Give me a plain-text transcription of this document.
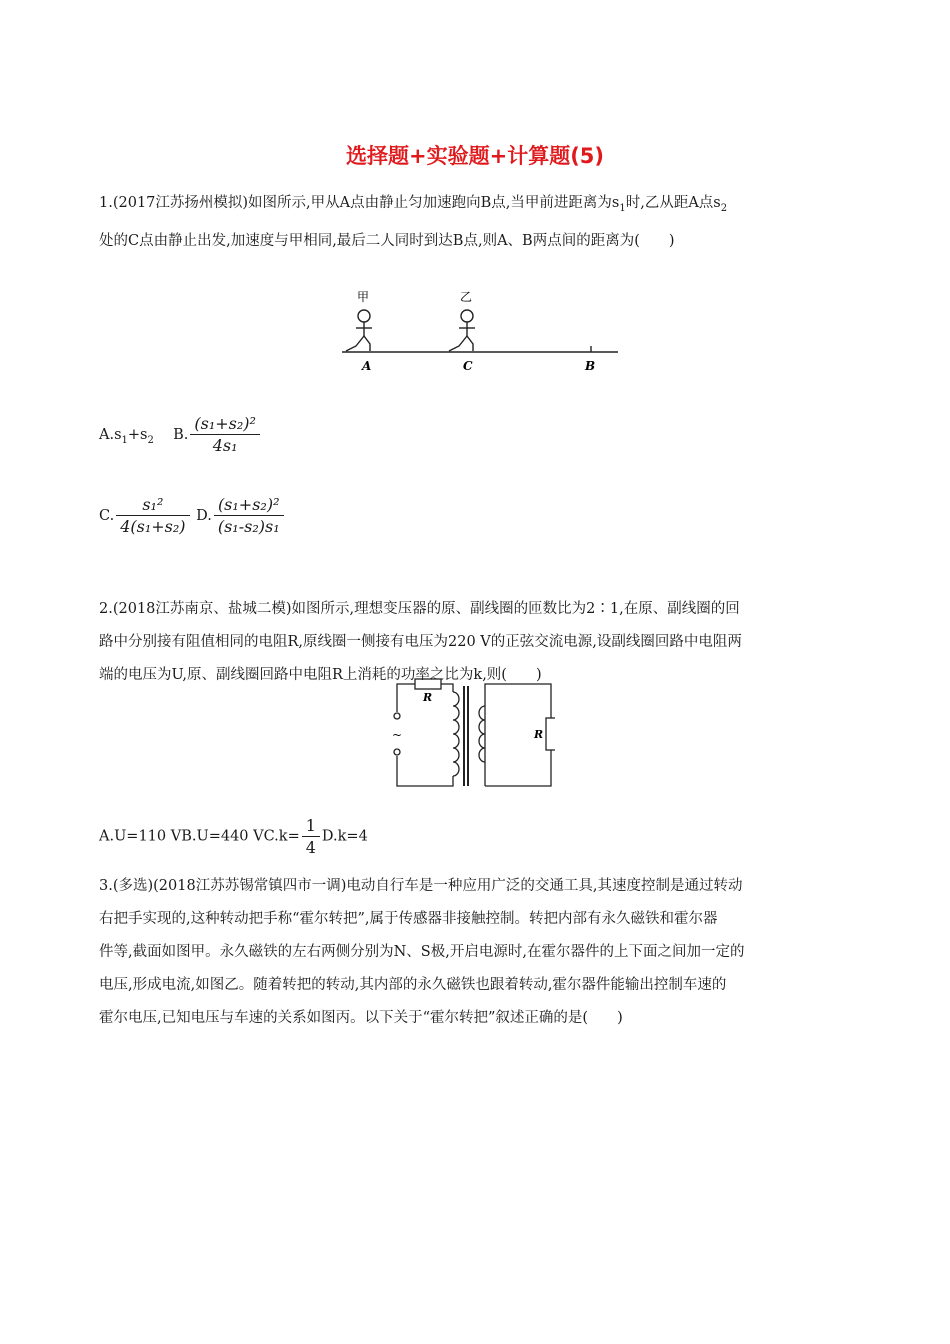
选择题+实验题+计算题(5)
1.(2017江苏扬州模拟)如图所示,甲从A点由静止匀加速跑向B点,当甲前进距离为$s_1$时,乙从距A点$s_2$
处的C点由静止出发,加速度与甲相同,最后二人同时到达B点,则A、B两点间的距离为(　　)
甲	乙
A	C	B
$A.s_1+s_2$ B. $\frac{\text{(s₁+s₂)²}}{\text{4s₁}}$
C. $\frac{\text{s₁²}}{\text{4(s₁+s₂)}} D$. $\frac{\text{(s₁+s₂)²}}{\text{(s₁-s₂)s₁}}$
2.(2018江苏南京、盐城二模)如图所示,理想变压器的原、副线圈的匝数比为2∶1,在原、副线圈的回
路中分别接有阻值相同的电阻R,原线圈一侧接有电压为220 V的正弦交流电源,设副线圈回路中电阻两
端的电压为U,原、副线圈回路中电阻R上消耗的功率之比为k,则(　　)
R
R
~
A.U=110 VB.U=440 $VC.k= \frac{1}{4} D.k=4$
3.(多选)(2018江苏苏锡常镇四市一调)电动自行车是一种应用广泛的交通工具,其速度控制是通过转动
右把手实现的,这种转动把手称“霍尔转把”,属于传感器非接触控制。转把内部有永久磁铁和霍尔器
件等,截面如图甲。永久磁铁的左右两侧分别为N、S极,开启电源时,在霍尔器件的上下面之间加一定的
电压,形成电流,如图乙。随着转把的转动,其内部的永久磁铁也跟着转动,霍尔器件能输出控制车速的
霍尔电压,已知电压与车速的关系如图丙。以下关于“霍尔转把”叙述正确的是(　　)
